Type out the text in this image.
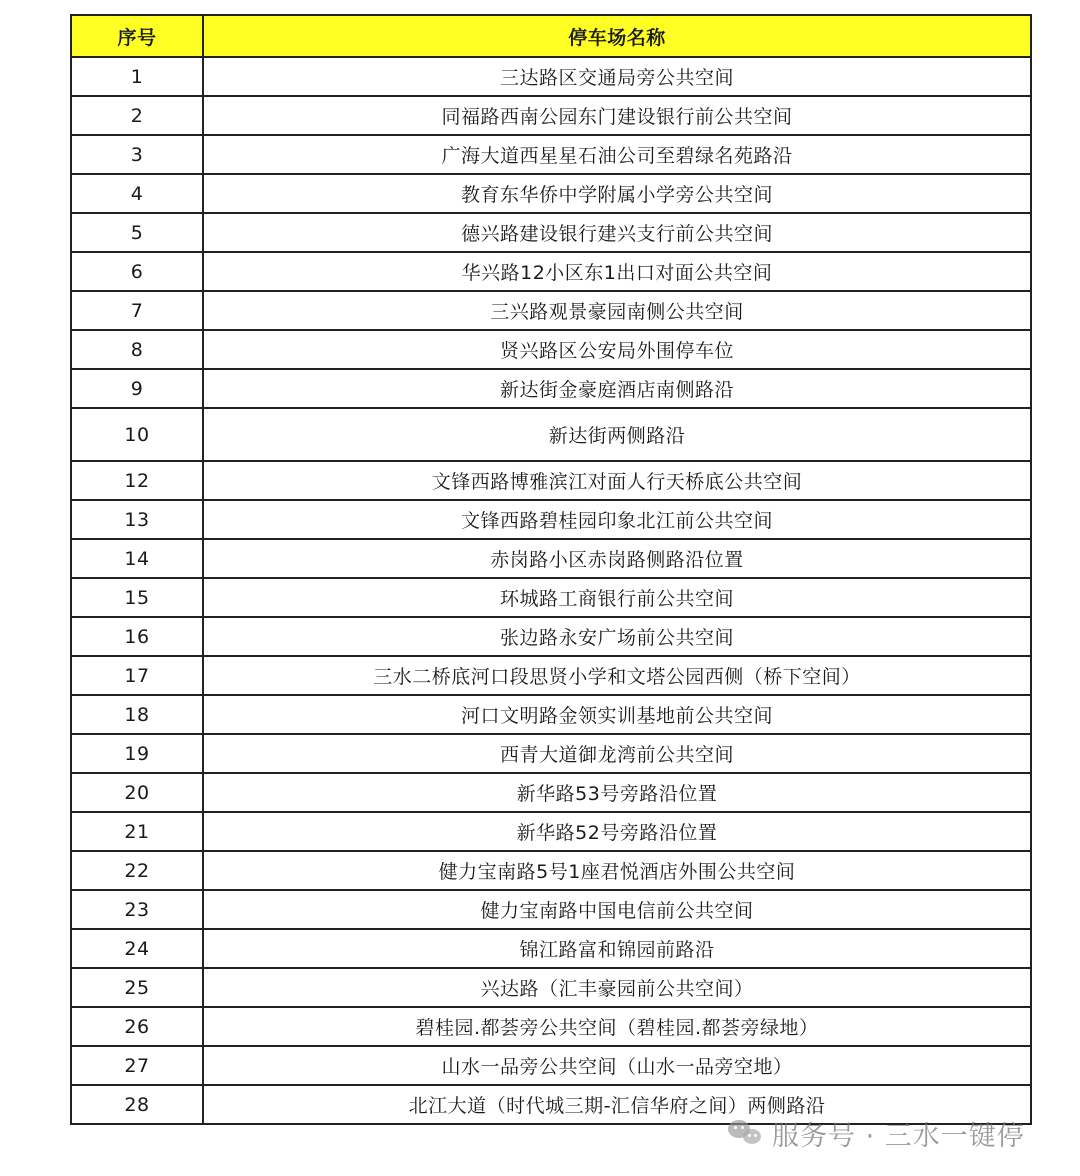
序号	停车场名称
1	三达路区交通局旁公共空间
2	同福路西南公园东门建设银行前公共空间
3	广海大道西星星石油公司至碧绿名苑路沿
4	教育东华侨中学附属小学旁公共空间
5	德兴路建设银行建兴支行前公共空间
6	华兴路12小区东1出口对面公共空间
7	三兴路观景豪园南侧公共空间
8	贤兴路区公安局外围停车位
9	新达街金豪庭酒店南侧路沿
10	新达街两侧路沿
12	文锋西路博雅滨江对面人行天桥底公共空间
13	文锋西路碧桂园印象北江前公共空间
14	赤岗路小区赤岗路侧路沿位置
15	环城路工商银行前公共空间
16	张边路永安广场前公共空间
17	三水二桥底河口段思贤小学和文塔公园西侧（桥下空间）
18	河口文明路金领实训基地前公共空间
19	西青大道御龙湾前公共空间
20	新华路53号旁路沿位置
21	新华路52号旁路沿位置
22	健力宝南路5号1座君悦酒店外围公共空间
23	健力宝南路中国电信前公共空间
24	锦江路富和锦园前路沿
25	兴达路（汇丰豪园前公共空间）
26	碧桂园.都荟旁公共空间（碧桂园.都荟旁绿地）
27	山水一品旁公共空间（山水一品旁空地）
28	北江大道（时代城三期-汇信华府之间）两侧路沿
服务号 · 三水一键停
